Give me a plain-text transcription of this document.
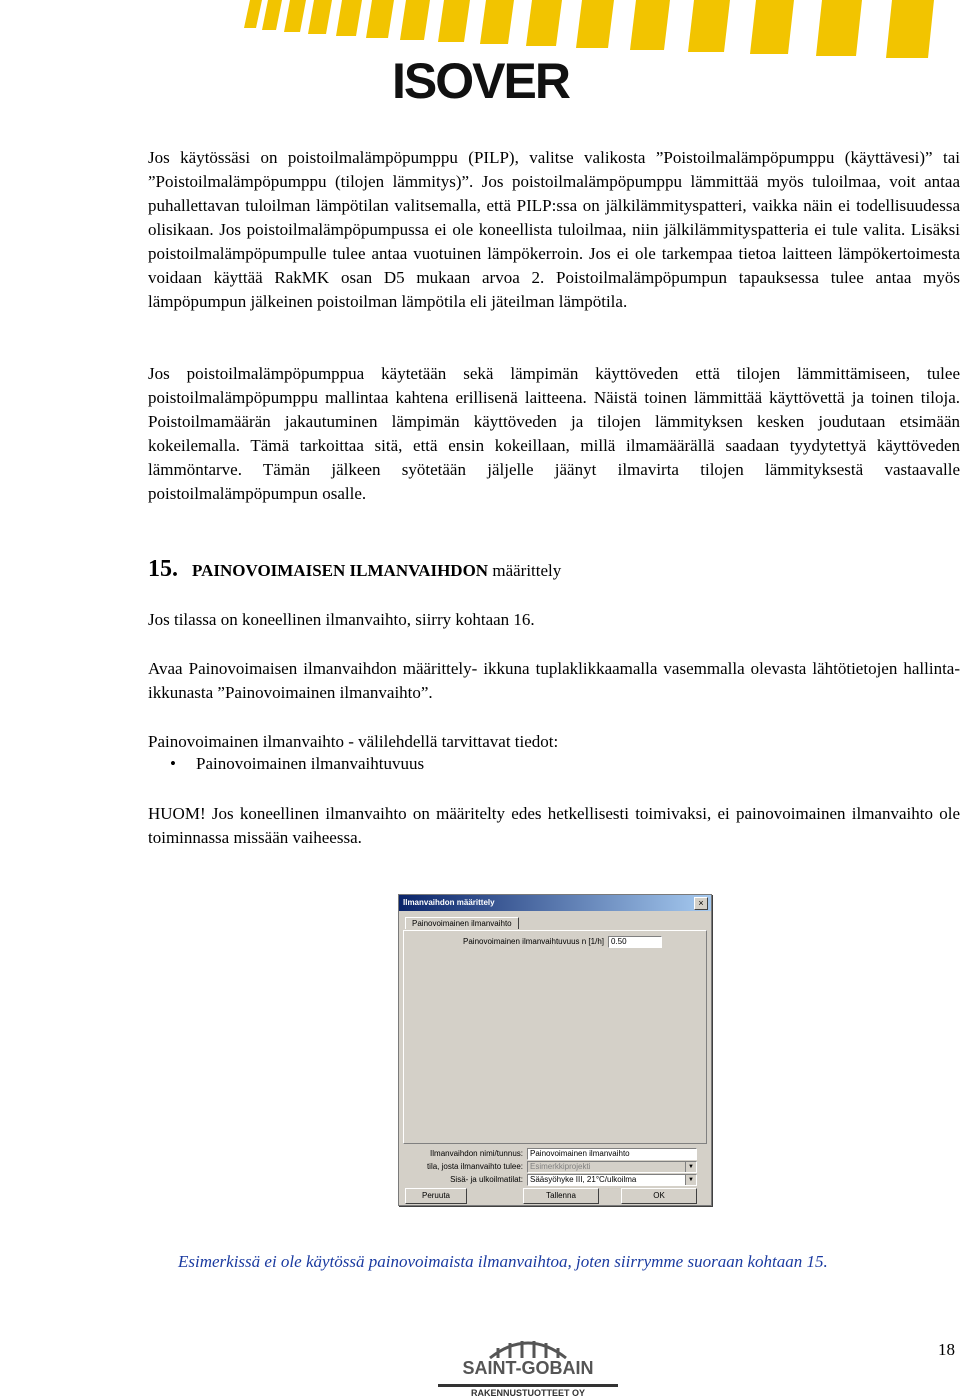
ISOVER

Jos käytössäsi on poistoilmalämpöpumppu (PILP), valitse valikosta ”Poistoilmalämpöpumppu (käyttävesi)” tai ”Poistoilmalämpöpumppu (tilojen lämmitys)”. Jos poistoilmalämpöpumppu lämmittää myös tuloilmaa, voit antaa puhallettavan tuloilman lämpötilan valitsemalla, että PILP:ssa on jälkilämmityspatteri, vaikka näin ei todellisuudessa olisikaan. Jos poistoilmalämpöpumpussa ei ole koneellista tuloilmaa, niin jälkilämmityspatteria ei tule valita. Lisäksi poistoilmalämpöpumpulle tulee antaa vuotuinen lämpökerroin. Jos ei ole tarkempaa tietoa laitteen lämpökertoimesta voidaan käyttää RakMK osan D5 mukaan arvoa 2. Poistoilmalämpöpumpun tapauksessa tulee antaa myös lämpöpumpun jälkeinen poistoilman lämpötila eli jäteilman lämpötila.

Jos poistoilmalämpöpumppua käytetään sekä lämpimän käyttöveden että tilojen lämmittämiseen, tulee poistoilmalämpöpumppu mallintaa kahtena erillisenä laitteena. Näistä toinen lämmittää käyttövettä ja toinen tiloja. Poistoilmamäärän jakautuminen lämpimän käyttöveden ja tilojen lämmityksen kesken joudutaan etsimään kokeilemalla. Tämä tarkoittaa sitä, että ensin kokeillaan, millä ilmamäärällä saadaan tyydytettyä käyttöveden lämmöntarve. Tämän jälkeen syötetään jäljelle jäänyt ilmavirta tilojen lämmityksestä vastaavalle poistoilmalämpöpumpun osalle.

15. PAINOVOIMAISEN ILMANVAIHDON määrittely

Jos tilassa on koneellinen ilmanvaihto, siirry kohtaan 16.

Avaa Painovoimaisen ilmanvaihdon määrittely- ikkuna tuplaklikkaamalla vasemmalla olevasta lähtötietojen hallinta- ikkunasta ”Painovoimainen ilmanvaihto”.

Painovoimainen ilmanvaihto - välilehdellä tarvittavat tiedot:

• Painovoimainen ilmanvaihtuvuus

HUOM! Jos koneellinen ilmanvaihto on määritelty edes hetkellisesti toimivaksi, ei painovoimainen ilmanvaihto ole toiminnassa missään vaiheessa.

Ilmanvaihdon määrittely	×
Painovoimainen ilmanvaihto
Painovoimainen ilmanvaihtuvuus n [1/h] 0.50
Ilmanvaihdon nimi/tunnus: Painovoimainen ilmanvaihto
tila, josta ilmanvaihto tulee: Esimerkkiprojekti	▼
Sisä- ja ulkoilmatilat: Sääsyöhyke III, 21°C/ulkoilma	▼
Peruuta	Tallenna	OK
Esimerkissä ei ole käytössä painovoimaista ilmanvaihtoa, joten siirrymme suoraan kohtaan 15.
18
SAINT-GOBAIN
RAKENNUSTUOTTEET OY
